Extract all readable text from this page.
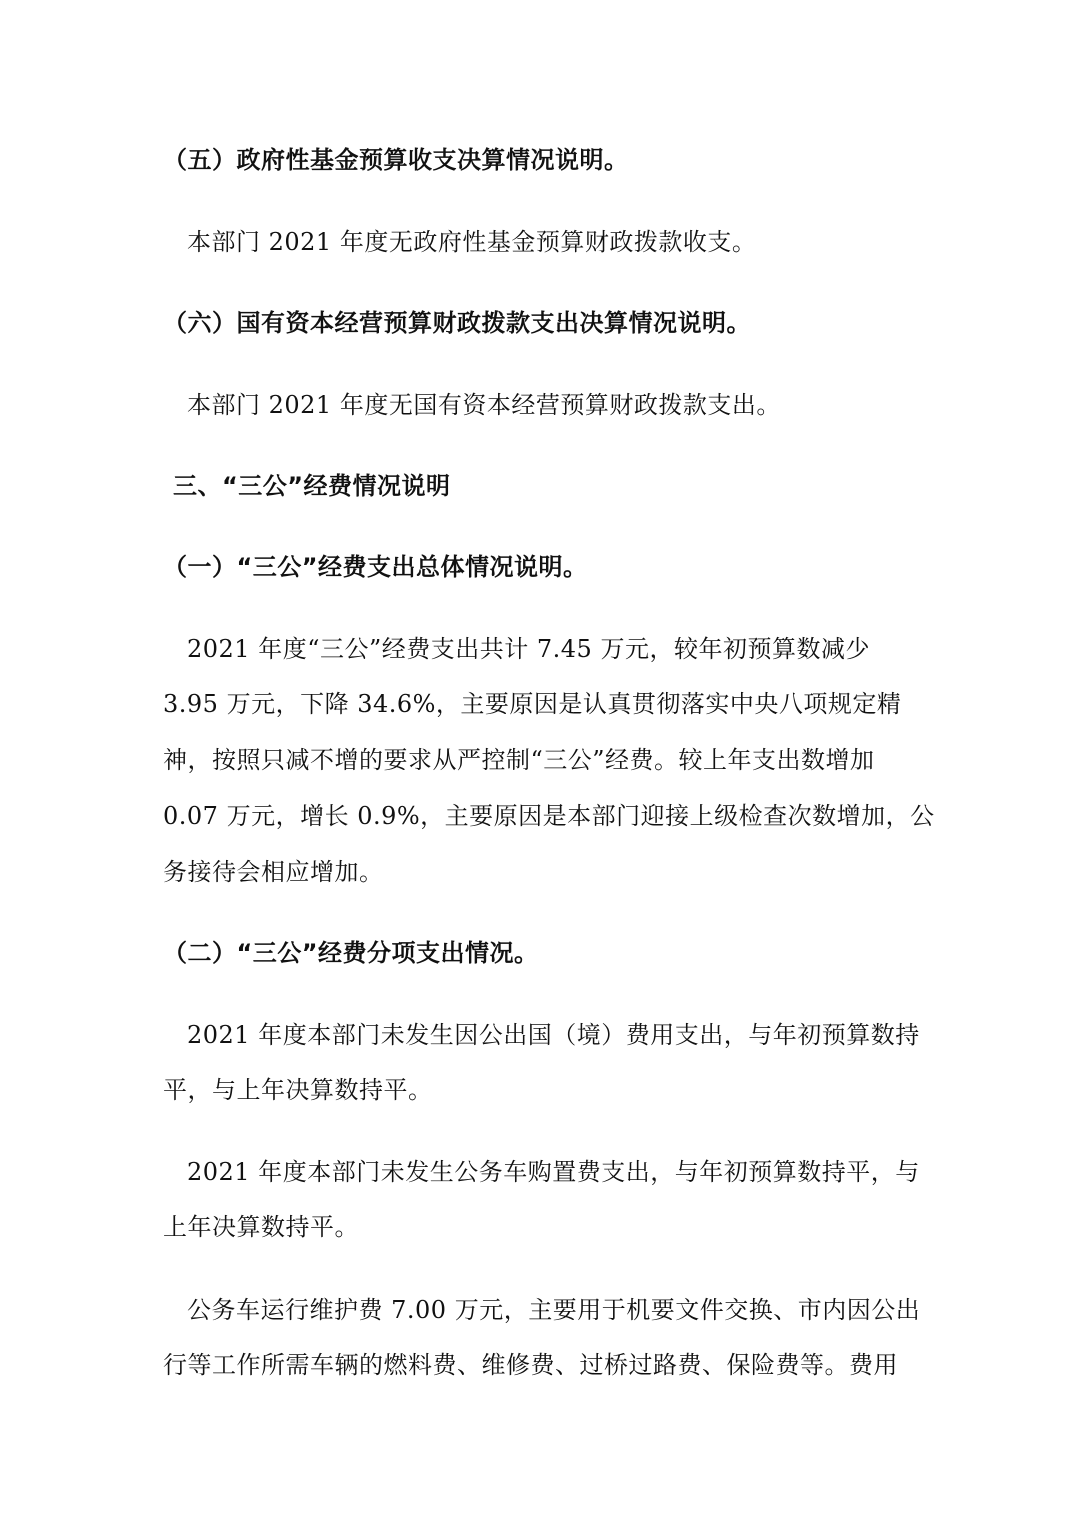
（五）政府性基金预算收支决算情况说明。
本部门 2021 年度无政府性基金预算财政拨款收支。
（六）国有资本经营预算财政拨款支出决算情况说明。
本部门 2021 年度无国有资本经营预算财政拨款支出。
三、“三公”经费情况说明
（一）“三公”经费支出总体情况说明。
2021 年度“三公”经费支出共计 7.45 万元，较年初预算数减少
3.95 万元，下降 34.6%，主要原因是认真贯彻落实中央八项规定精
神，按照只减不增的要求从严控制“三公”经费。较上年支出数增加
0.07 万元，增长 0.9%，主要原因是本部门迎接上级检查次数增加，公
务接待会相应增加。
（二）“三公”经费分项支出情况。
2021 年度本部门未发生因公出国（境）费用支出，与年初预算数持
平，与上年决算数持平。
2021 年度本部门未发生公务车购置费支出，与年初预算数持平，与
上年决算数持平。
公务车运行维护费 7.00 万元，主要用于机要文件交换、市内因公出
行等工作所需车辆的燃料费、维修费、过桥过路费、保险费等。费用
